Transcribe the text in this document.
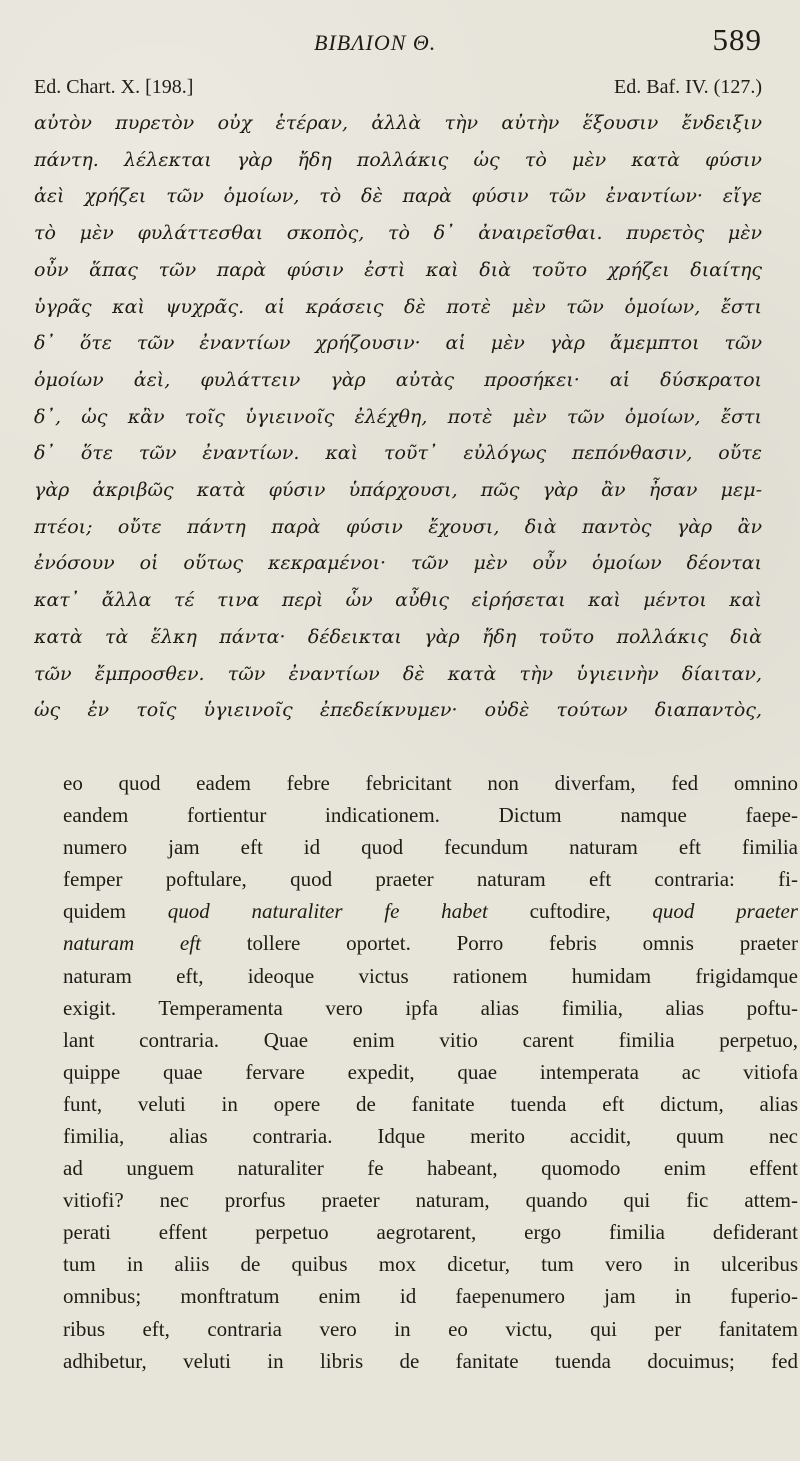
ΒΙΒΛΙΟΝ Θ.	589
Ed. Chart. X. [198.]	Ed. Baf. IV. (127.)
αὐτὸν πυρετὸν οὐχ ἑτέραν, ἀλλὰ τὴν αὐτὴν ἕξουσιν ἔνδειξιν
πάντη. λέλεκται γὰρ ἤδη πολλάκις ὡς τὸ μὲν κατὰ φύσιν
ἀεὶ χρήζει τῶν ὁμοίων, τὸ δὲ παρὰ φύσιν τῶν ἐναντίων· εἴγε
τὸ μὲν φυλάττεσθαι σκοπὸς, τὸ δ᾽ ἀναιρεῖσθαι. πυρετὸς μὲν
οὖν ἅπας τῶν παρὰ φύσιν ἐστὶ καὶ διὰ τοῦτο χρήζει διαίτης
ὑγρᾶς καὶ ψυχρᾶς. αἱ κράσεις δὲ ποτὲ μὲν τῶν ὁμοίων, ἔστι
δ᾽ ὅτε τῶν ἐναντίων χρήζουσιν· αἱ μὲν γὰρ ἄμεμπτοι τῶν
ὁμοίων ἀεὶ, φυλάττειν γὰρ αὐτὰς προσήκει· αἱ δύσκρατοι
δ᾽, ὡς κἂν τοῖς ὑγιεινοῖς ἐλέχθη, ποτὲ μὲν τῶν ὁμοίων, ἔστι
δ᾽ ὅτε τῶν ἐναντίων. καὶ τοῦτ᾽ εὐλόγως πεπόνθασιν, οὔτε
γὰρ ἀκριβῶς κατὰ φύσιν ὑπάρχουσι, πῶς γὰρ ἂν ἦσαν μεμ-
πτέοι; οὔτε πάντη παρὰ φύσιν ἔχουσι, διὰ παντὸς γὰρ ἂν
ἐνόσουν οἱ οὕτως κεκραμένοι· τῶν μὲν οὖν ὁμοίων δέονται
κατ᾽ ἄλλα τέ τινα περὶ ὧν αὖθις εἰρήσεται καὶ μέντοι καὶ
κατὰ τὰ ἕλκη πάντα· δέδεικται γὰρ ἤδη τοῦτο πολλάκις διὰ
τῶν ἔμπροσθεν. τῶν ἐναντίων δὲ κατὰ τὴν ὑγιεινὴν δίαιταν,
ὡς ἐν τοῖς ὑγιεινοῖς ἐπεδείκνυμεν· οὐδὲ τούτων διαπαντὸς,
eo quod eadem febre febricitant non diverfam, fed omnino
eandem fortientur indicationem. Dictum namque faepe-
numero jam eft id quod fecundum naturam eft fimilia
femper poftulare, quod praeter naturam eft contraria: fi-
quidem quod naturaliter fe habet cuftodire, quod praeter
naturam eft tollere oportet. Porro febris omnis praeter
naturam eft, ideoque victus rationem humidam frigidamque
exigit. Temperamenta vero ipfa alias fimilia, alias poftu-
lant contraria. Quae enim vitio carent fimilia perpetuo,
quippe quae fervare expedit, quae intemperata ac vitiofa
funt, veluti in opere de fanitate tuenda eft dictum, alias
fimilia, alias contraria. Idque merito accidit, quum nec
ad unguem naturaliter fe habeant, quomodo enim effent
vitiofi? nec prorfus praeter naturam, quando qui fic attem-
perati effent perpetuo aegrotarent, ergo fimilia defiderant
tum in aliis de quibus mox dicetur, tum vero in ulceribus
omnibus; monftratum enim id faepenumero jam in fuperio-
ribus eft, contraria vero in eo victu, qui per fanitatem
adhibetur, veluti in libris de fanitate tuenda docuimus; fed
